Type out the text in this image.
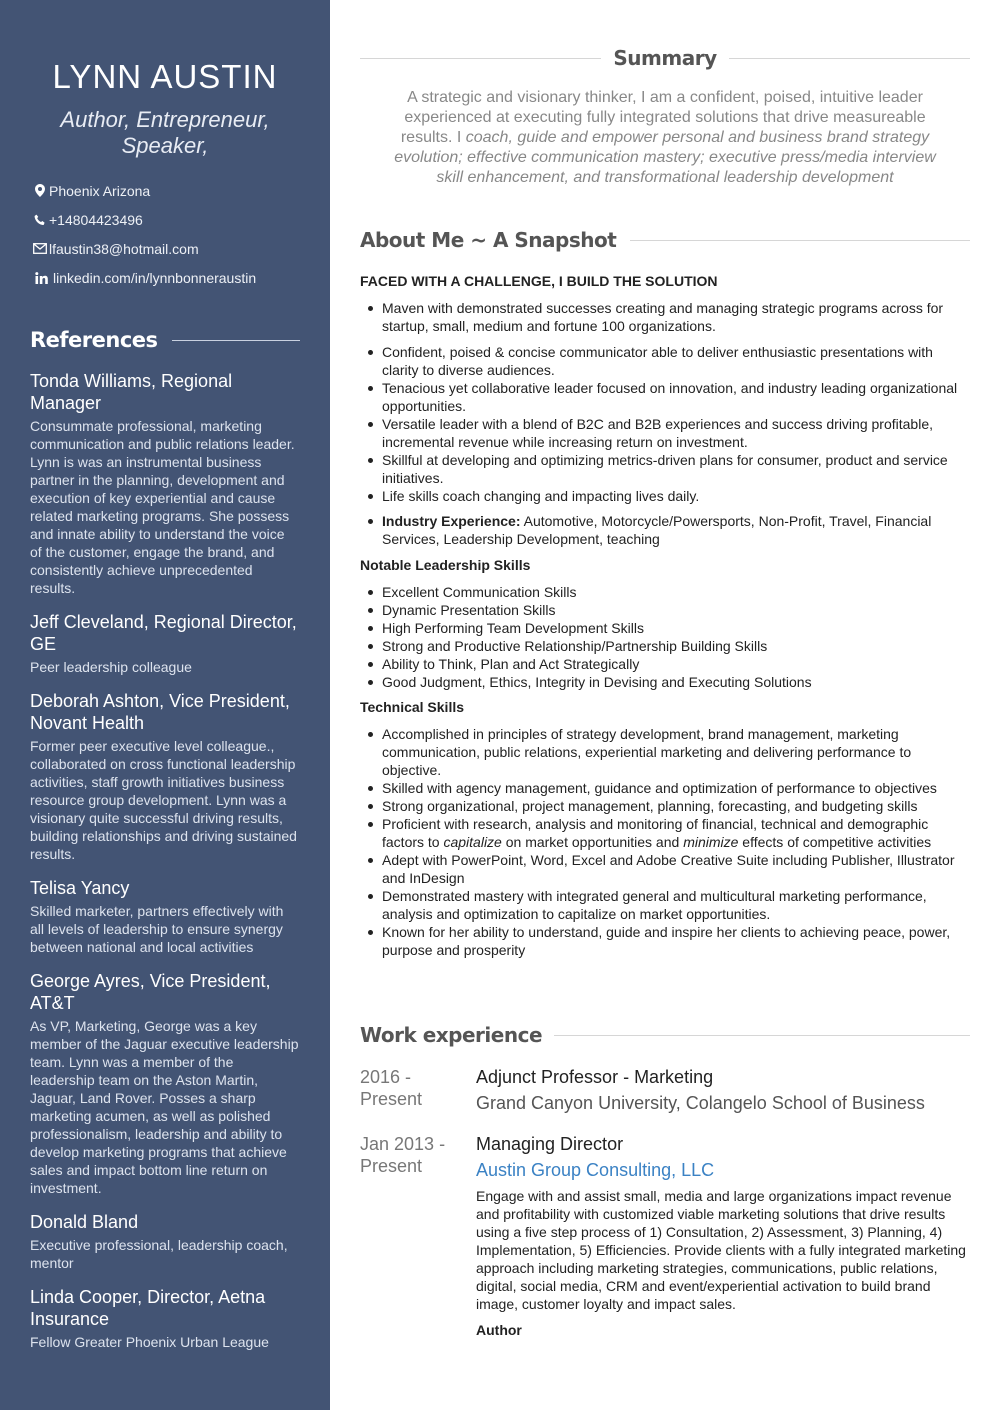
LYNN AUSTIN
Author, Entrepreneur, Speaker,
Phoenix Arizona
+14804423496
lfaustin38@hotmail.com
linkedin.com/in/lynnbonneraustin
References
Tonda Williams, Regional Manager
Consummate professional, marketing communication and public relations leader. Lynn is was an instrumental business partner in the planning, development and execution of key experiential and cause related marketing programs. She possess and innate ability to understand the voice of the customer, engage the brand, and consistently achieve unprecedented results.
Jeff Cleveland, Regional Director, GE
Peer leadership colleague
Deborah Ashton, Vice President, Novant Health
Former peer executive level colleague., collaborated on cross functional leadership activities, staff growth initiatives business resource group development. Lynn was a visionary quite successful driving results, building relationships and driving sustained results.
Telisa Yancy
Skilled marketer, partners effectively with all levels of leadership to ensure synergy between national and local activities
George Ayres, Vice President, AT&T
As VP, Marketing, George was a key member of the Jaguar executive leadership team. Lynn was a member of the leadership team on the Aston Martin, Jaguar, Land Rover. Posses a sharp marketing acumen, as well as polished professionalism, leadership and ability to develop marketing programs that achieve sales and impact bottom line return on investment.
Donald Bland
Executive professional, leadership coach, mentor
Linda Cooper, Director, Aetna Insurance
Fellow Greater Phoenix Urban League
Summary

A strategic and visionary thinker, I am a confident, poised, intuitive leader experienced at executing fully integrated solutions that drive measureable results. I coach, guide and empower personal and business brand strategy evolution; effective communication mastery; executive press/media interview skill enhancement, and transformational leadership development

About Me ~ A Snapshot
FACED WITH A CHALLENGE, I BUILD THE SOLUTION
Maven with demonstrated successes creating and managing strategic programs across for startup, small, medium and fortune 100 organizations.
Confident, poised & concise communicator able to deliver enthusiastic presentations with clarity to diverse audiences.
Tenacious yet collaborative leader focused on innovation, and industry leading organizational opportunities.
Versatile leader with a blend of B2C and B2B experiences and success driving profitable, incremental revenue while increasing return on investment.
Skillful at developing and optimizing metrics-driven plans for consumer, product and service initiatives.
Life skills coach changing and impacting lives daily.
Industry Experience: Automotive, Motorcycle/Powersports, Non-Profit, Travel, Financial Services, Leadership Development, teaching
Notable Leadership Skills
Excellent Communication Skills
Dynamic Presentation Skills
High Performing Team Development Skills
Strong and Productive Relationship/Partnership Building Skills
Ability to Think, Plan and Act Strategically
Good Judgment, Ethics, Integrity in Devising and Executing Solutions
Technical Skills
Accomplished in principles of strategy development, brand management, marketing communication, public relations, experiential marketing and delivering performance to objective.
Skilled with agency management, guidance and optimization of performance to objectives
Strong organizational, project management, planning, forecasting, and budgeting skills
Proficient with research, analysis and monitoring of financial, technical and demographic factors to capitalize on market opportunities and minimize effects of competitive activities
Adept with PowerPoint, Word, Excel and Adobe Creative Suite including Publisher, Illustrator and InDesign
Demonstrated mastery with integrated general and multicultural marketing performance, analysis and optimization to capitalize on market opportunities.
Known for her ability to understand, guide and inspire her clients to achieving peace, power, purpose and prosperity
Work experience
2016 - Present
Adjunct Professor - Marketing
Grand Canyon University, Colangelo School of Business
Jan 2013 - Present
Managing Director
Austin Group Consulting, LLC
Engage with and assist small, media and large organizations impact revenue and profitability with customized viable marketing solutions that drive results using a five step process of 1) Consultation, 2) Assessment, 3) Planning, 4) Implementation, 5) Efficiencies. Provide clients with a fully integrated marketing approach including marketing strategies, communications, public relations, digital, social media, CRM and event/experiential activation to build brand image, customer loyalty and impact sales.
Author
